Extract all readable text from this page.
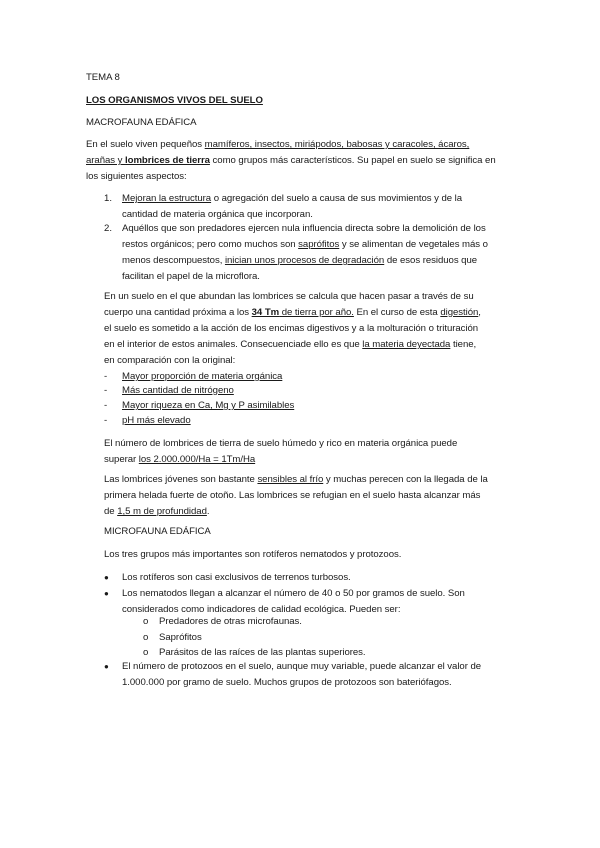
TEMA 8
LOS ORGANISMOS VIVOS DEL SUELO
MACROFAUNA EDÁFICA
En el suelo viven pequeños mamíferos, insectos, miriápodos, babosas y caracoles, ácaros,
arañas y lombrices de tierra como grupos más característicos. Su papel en suelo se significa en
los siguientes aspectos:
1. Mejoran la estructura o agregación del suelo a causa de sus movimientos y de la
cantidad de materia orgánica que incorporan.
2. Aquéllos que son predadores ejercen nula influencia directa sobre la demolición de los
restos orgánicos; pero como muchos son saprófitos y se alimentan de vegetales más o
menos descompuestos, inician unos procesos de degradación de esos residuos que
facilitan el papel de la microflora.
En un suelo en el que abundan las lombrices se calcula que hacen pasar a través de su
cuerpo una cantidad próxima a los 34 Tm de tierra por año. En el curso de esta digestión,
el suelo es sometido a la acción de los encimas digestivos y a la molturación o trituración
en el interior de estos animales. Consecuenciade ello es que la materia deyectada tiene,
en comparación con la original:
- Mayor proporción de materia orgánica
- Más cantidad de nitrógeno
- Mayor riqueza en Ca, Mg y P asimilables
- pH más elevado
El número de lombrices de tierra de suelo húmedo y rico en materia orgánica puede
superar los 2.000.000/Ha = 1Tm/Ha
Las lombrices jóvenes son bastante sensibles al frío y muchas perecen con la llegada de la
primera helada fuerte de otoño. Las lombrices se refugian en el suelo hasta alcanzar más
de 1,5 m de profundidad.
MICROFAUNA EDÁFICA
Los tres grupos más importantes son rotíferos nematodos y protozoos.
● Los rotíferos son casi exclusivos de terrenos turbosos.
● Los nematodos llegan a alcanzar el número de 40 o 50 por gramos de suelo. Son
considerados como indicadores de calidad ecológica. Pueden ser:
o Predadores de otras microfaunas.
o Saprófitos
o Parásitos de las raíces de las plantas superiores.
● El número de protozoos en el suelo, aunque muy variable, puede alcanzar el valor de
1.000.000 por gramo de suelo. Muchos grupos de protozoos son bateriófagos.
